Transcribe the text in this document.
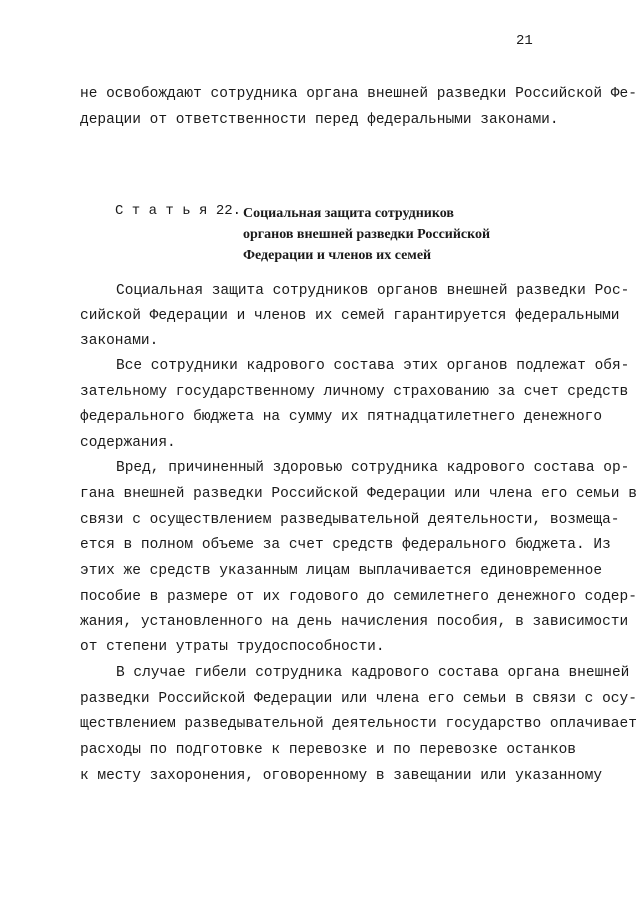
21
не освобождают сотрудника органа внешней разведки Российской Фе-
дерации от ответственности перед федеральными законами.
С т а т ь я 22. Социальная защита сотрудников
органов внешней разведки Российской
Федерации и членов их семей
Социальная защита сотрудников органов внешней разведки Рос-
сийской Федерации и членов их семей гарантируется федеральными
законами.
Все сотрудники кадрового состава этих органов подлежат обя-
зательному государственному личному страхованию за счет средств
федерального бюджета на сумму их пятнадцатилетнего денежного
содержания.
Вред, причиненный здоровью сотрудника кадрового состава ор-
гана внешней разведки Российской Федерации или члена его семьи в
связи с осуществлением разведывательной деятельности, возмеща-
ется в полном объеме за счет средств федерального бюджета. Из
этих же средств указанным лицам выплачивается единовременное
пособие в размере от их годового до семилетнего денежного содер-
жания, установленного на день начисления пособия, в зависимости
от степени утраты трудоспособности.
В случае гибели сотрудника кадрового состава органа внешней
разведки Российской Федерации или члена его семьи в связи с осу-
ществлением разведывательной деятельности государство оплачивает
расходы по подготовке к перевозке и по перевозке останков
к месту захоронения, оговоренному в завещании или указанному
